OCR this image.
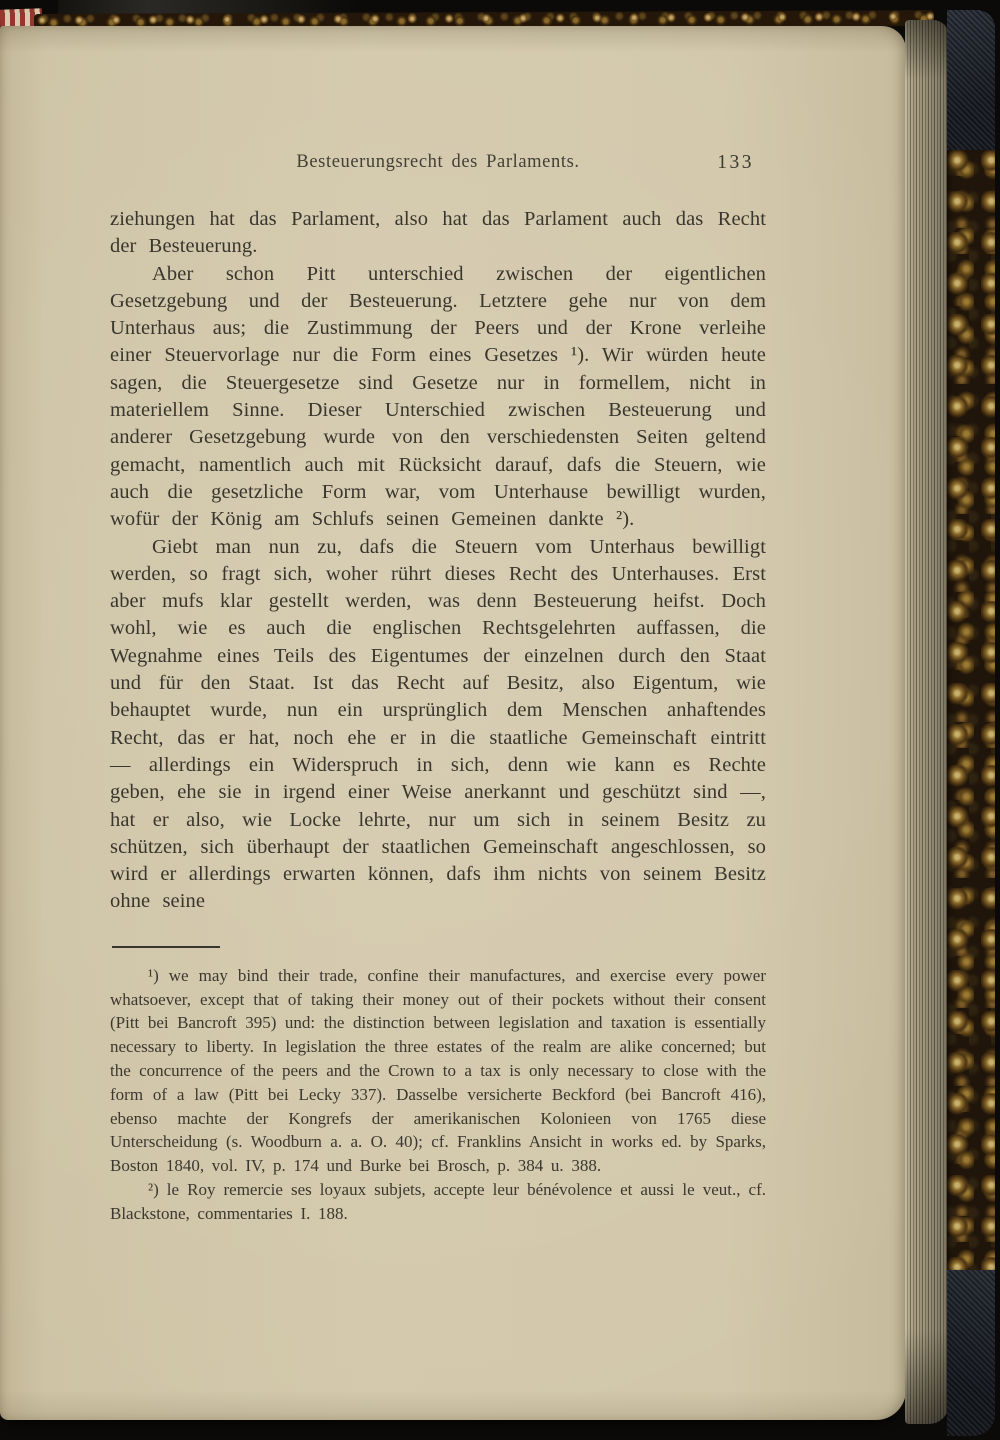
Besteuerungsrecht des Parlaments.	133

ziehungen hat das Parlament, also hat das Parlament auch das Recht der Besteuerung.

Aber schon Pitt unterschied zwischen der eigentlichen Gesetzgebung und der Besteuerung. Letztere gehe nur von dem Unterhaus aus; die Zustimmung der Peers und der Krone verleihe einer Steuervorlage nur die Form eines Gesetzes ¹). Wir würden heute sagen, die Steuergesetze sind Gesetze nur in formellem, nicht in materiellem Sinne. Dieser Unterschied zwischen Besteuerung und anderer Gesetzgebung wurde von den verschiedensten Seiten geltend gemacht, namentlich auch mit Rücksicht darauf, dafs die Steuern, wie auch die gesetzliche Form war, vom Unterhause bewilligt wurden, wofür der König am Schlufs seinen Gemeinen dankte ²).

Giebt man nun zu, dafs die Steuern vom Unterhaus bewilligt werden, so fragt sich, woher rührt dieses Recht des Unterhauses. Erst aber mufs klar gestellt werden, was denn Besteuerung heifst. Doch wohl, wie es auch die englischen Rechtsgelehrten auffassen, die Wegnahme eines Teils des Eigentumes der einzelnen durch den Staat und für den Staat. Ist das Recht auf Besitz, also Eigentum, wie behauptet wurde, nun ein ursprünglich dem Menschen anhaftendes Recht, das er hat, noch ehe er in die staatliche Gemeinschaft eintritt — allerdings ein Widerspruch in sich, denn wie kann es Rechte geben, ehe sie in irgend einer Weise anerkannt und geschützt sind —, hat er also, wie Locke lehrte, nur um sich in seinem Besitz zu schützen, sich überhaupt der staatlichen Gemeinschaft angeschlossen, so wird er allerdings erwarten können, dafs ihm nichts von seinem Besitz ohne seine

¹) we may bind their trade, confine their manufactures, and exercise every power whatsoever, except that of taking their money out of their pockets without their consent (Pitt bei Bancroft 395) und: the distinction between legislation and taxation is essentially necessary to liberty. In legislation the three estates of the realm are alike concerned; but the concurrence of the peers and the Crown to a tax is only necessary to close with the form of a law (Pitt bei Lecky 337). Dasselbe versicherte Beckford (bei Bancroft 416), ebenso machte der Kongrefs der amerikanischen Kolonieen von 1765 diese Unterscheidung (s. Woodburn a. a. O. 40); cf. Franklins Ansicht in works ed. by Sparks, Boston 1840, vol. IV, p. 174 und Burke bei Brosch, p. 384 u. 388.

²) le Roy remercie ses loyaux subjets, accepte leur bénévolence et aussi le veut., cf. Blackstone, commentaries I. 188.
